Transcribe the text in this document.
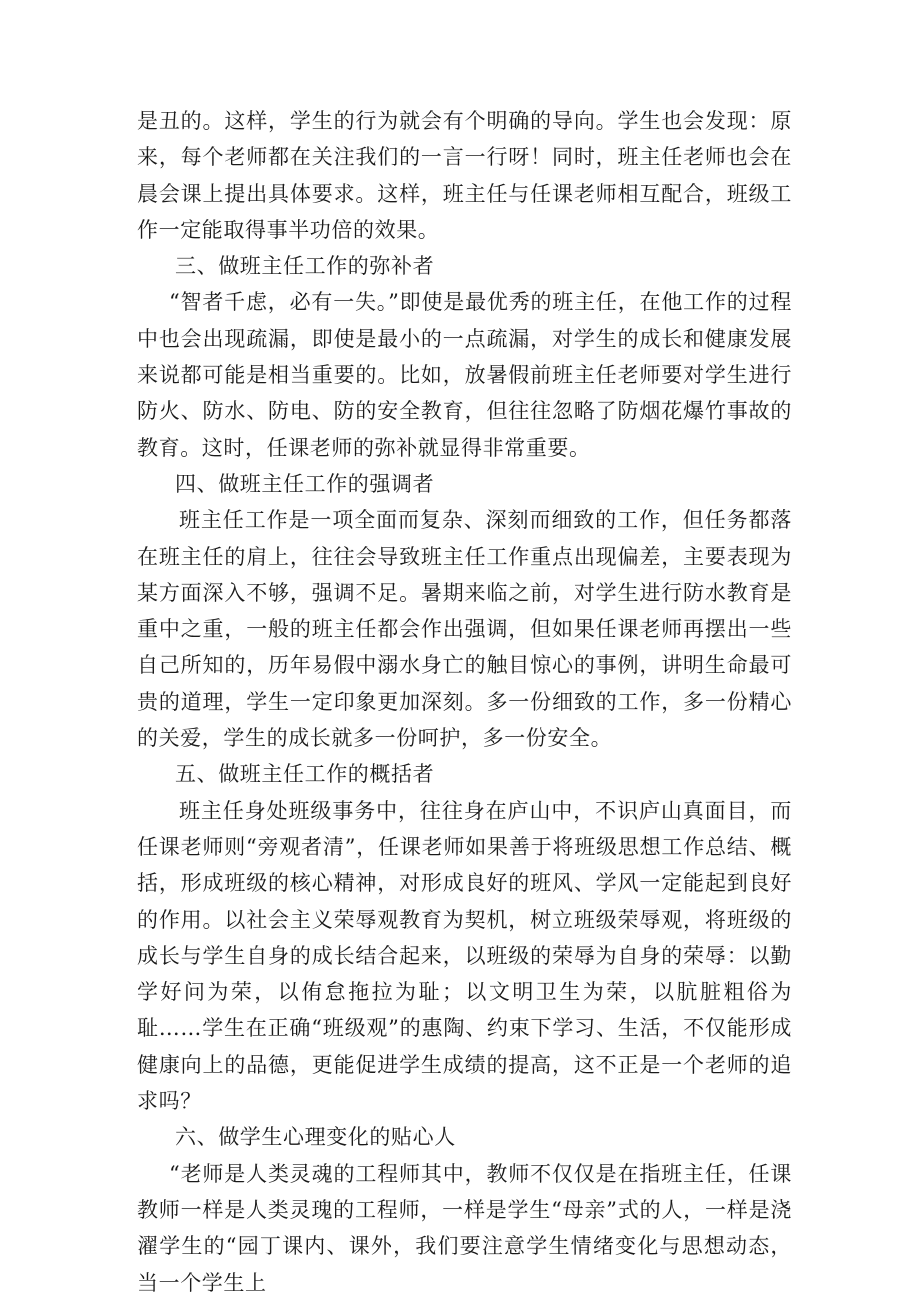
是丑的。这样，学生的行为就会有个明确的导向。学生也会发现：原来，每个老师都在关注我们的一言一行呀！同时，班主任老师也会在晨会课上提出具体要求。这样，班主任与任课老师相互配合，班级工作一定能取得事半功倍的效果。

三、做班主任工作的弥补者

“智者千虑，必有一失。”即使是最优秀的班主任，在他工作的过程中也会出现疏漏，即使是最小的一点疏漏，对学生的成长和健康发展来说都可能是相当重要的。比如，放暑假前班主任老师要对学生进行防火、防水、防电、防的安全教育，但往往忽略了防烟花爆竹事故的教育。这时，任课老师的弥补就显得非常重要。

四、做班主任工作的强调者

班主任工作是一项全面而复杂、深刻而细致的工作，但任务都落在班主任的肩上，往往会导致班主任工作重点出现偏差，主要表现为某方面深入不够，强调不足。暑期来临之前，对学生进行防水教育是重中之重，一般的班主任都会作出强调，但如果任课老师再摆出一些自己所知的，历年易假中溺水身亡的触目惊心的事例，讲明生命最可贵的道理，学生一定印象更加深刻。多一份细致的工作，多一份精心的关爱，学生的成长就多一份呵护，多一份安全。

五、做班主任工作的概括者

班主任身处班级事务中，往往身在庐山中，不识庐山真面目，而任课老师则“旁观者清”，任课老师如果善于将班级思想工作总结、概括，形成班级的核心精神，对形成良好的班风、学风一定能起到良好的作用。以社会主义荣辱观教育为契机，树立班级荣辱观，将班级的成长与学生自身的成长结合起来，以班级的荣辱为自身的荣辱：以勤学好问为荣，以侑怠拖拉为耻；以文明卫生为荣，以肮脏粗俗为耻……学生在正确“班级观”的惠陶、约束下学习、生活，不仅能形成健康向上的品德，更能促进学生成绩的提高，这不正是一个老师的追求吗？

六、做学生心理变化的贴心人

“老师是人类灵魂的工程师其中，教师不仅仅是在指班主任，任课教师一样是人类灵瑰的工程师，一样是学生“母亲”式的人，一样是浇濯学生的“园丁课内、课外，我们要注意学生情绪变化与思想动态，当一个学生上
